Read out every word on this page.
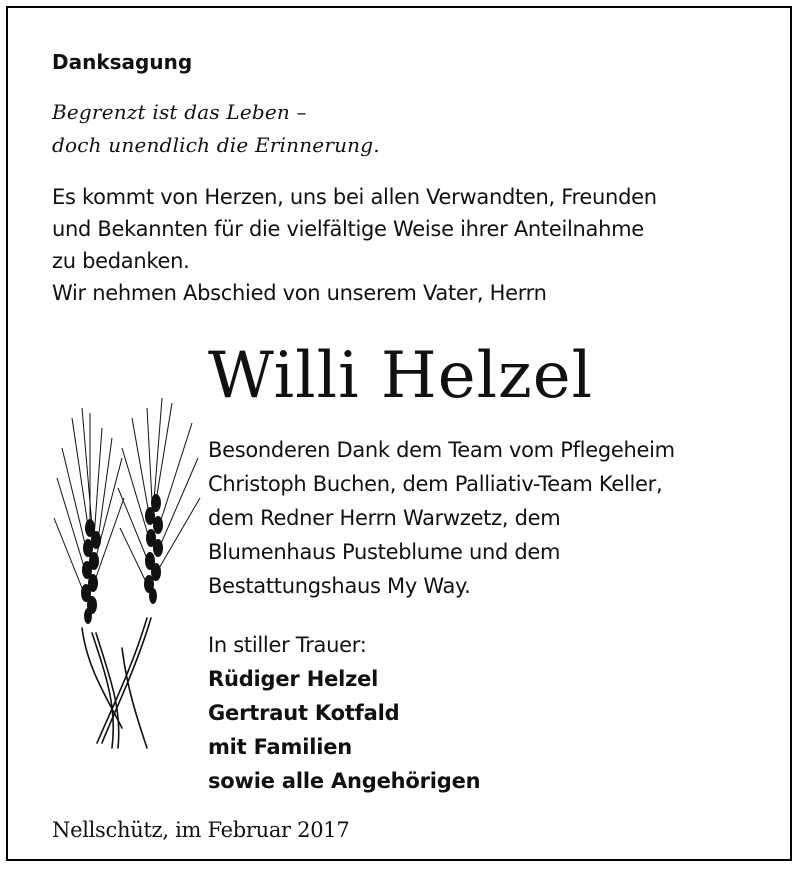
Danksagung
Begrenzt ist das Leben –
doch unendlich die Erinnerung.
Es kommt von Herzen, uns bei allen Verwandten, Freunden
und Bekannten für die vielfältige Weise ihrer Anteilnahme
zu bedanken.
Wir nehmen Abschied von unserem Vater, Herrn
Willi Helzel
Besonderen Dank dem Team vom Pflegeheim
Christoph Buchen, dem Palliativ-Team Keller,
dem Redner Herrn Warwzetz, dem
Blumenhaus Pusteblume und dem
Bestattungshaus My Way.
In stiller Trauer:
Rüdiger Helzel
Gertraut Kotfald
mit Familien
sowie alle Angehörigen
Nellschütz, im Februar 2017
